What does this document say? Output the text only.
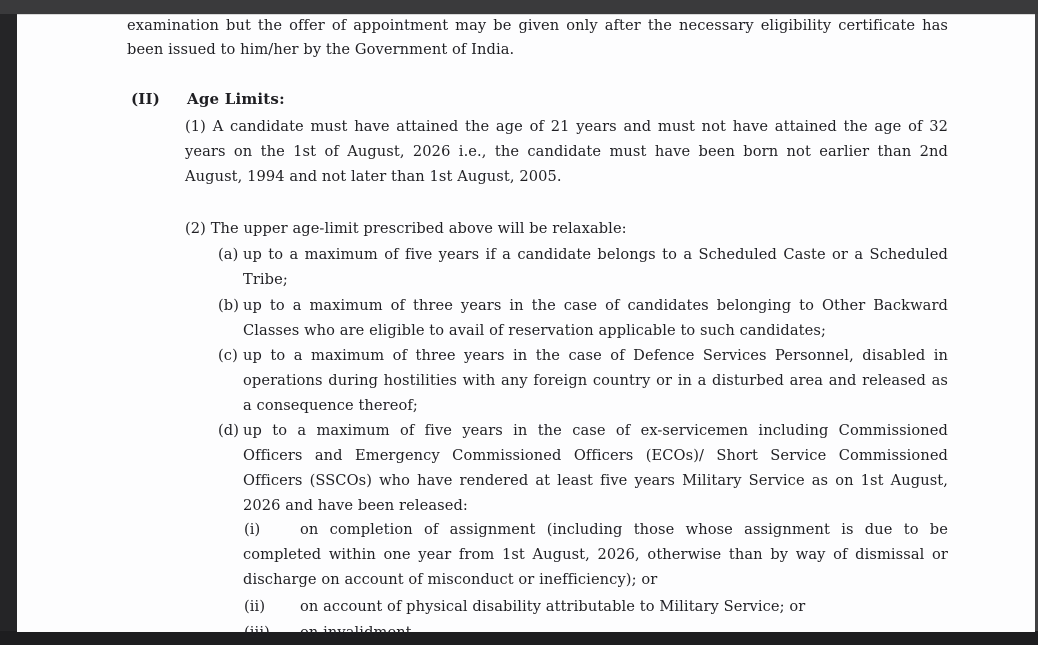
examination but the offer of appointment may be given only after the necessary eligibility certificate has
been issued to him/her by the Government of India.
(II) Age Limits:
(1) A candidate must have attained the age of 21 years and must not have attained the age of 32
years on the 1st of August, 2026 i.e., the candidate must have been born not earlier than 2nd
August, 1994 and not later than 1st August, 2005.
(2) The upper age-limit prescribed above will be relaxable:
(a) up to a maximum of five years if a candidate belongs to a Scheduled Caste or a Scheduled
Tribe;
(b) up to a maximum of three years in the case of candidates belonging to Other Backward
Classes who are eligible to avail of reservation applicable to such candidates;
(c) up to a maximum of three years in the case of Defence Services Personnel, disabled in
operations during hostilities with any foreign country or in a disturbed area and released as
a consequence thereof;
(d) up to a maximum of five years in the case of ex-servicemen including Commissioned
Officers and Emergency Commissioned Officers (ECOs)/ Short Service Commissioned
Officers (SSCOs) who have rendered at least five years Military Service as on 1st August,
2026 and have been released:
(i)	on completion of assignment (including those whose assignment is due to be
completed within one year from 1st August, 2026, otherwise than by way of dismissal or
discharge on account of misconduct or inefficiency); or
(ii) on account of physical disability attributable to Military Service; or
(iii) on invalidment
